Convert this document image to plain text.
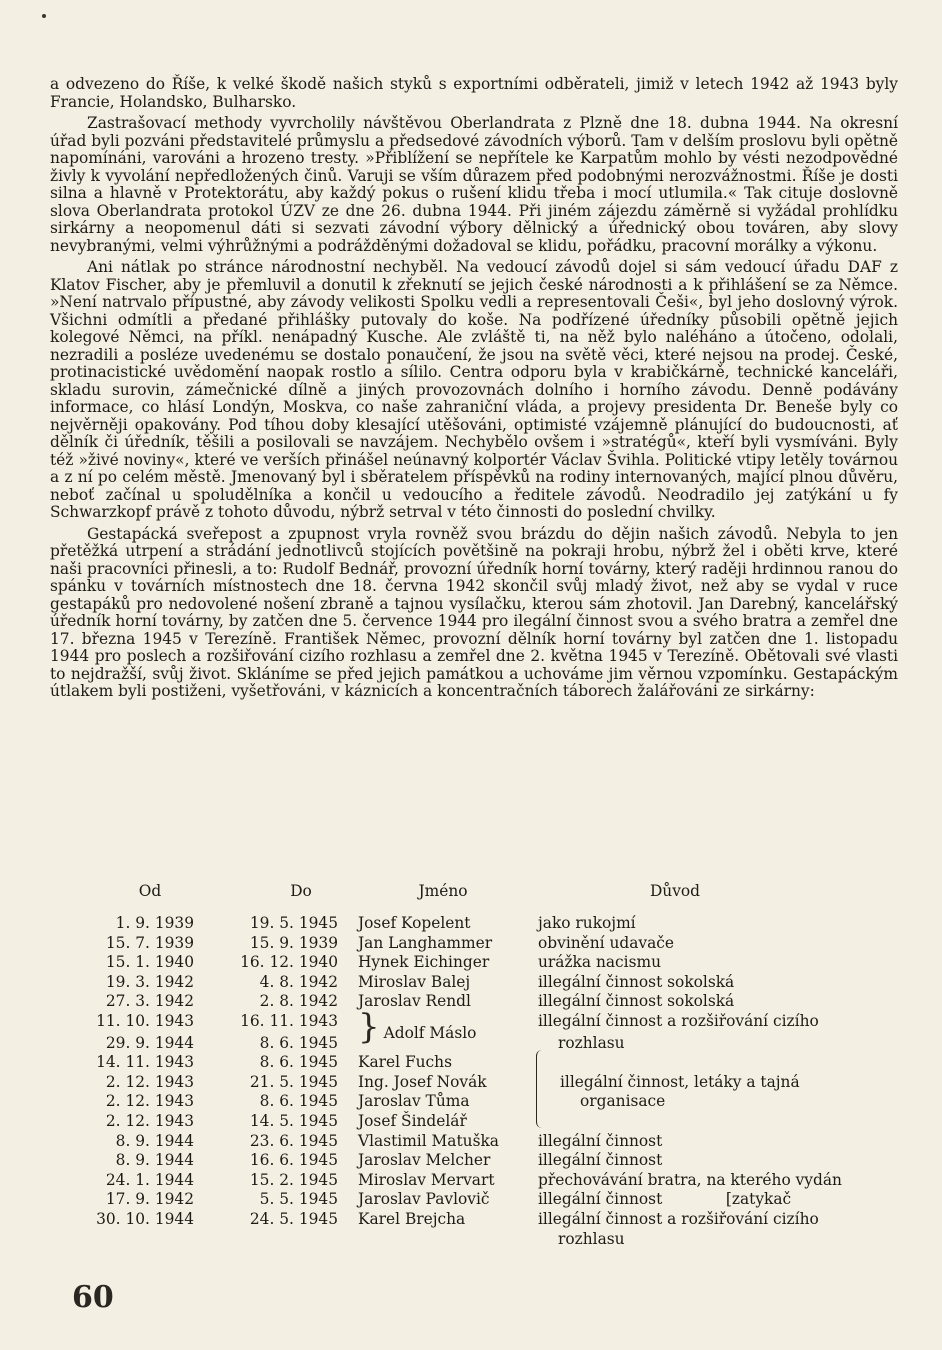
a odvezeno do Říše, k velké škodě našich styků s exportními odběrateli, jimiž v letech 1942 až 1943 byly Francie, Holandsko, Bulharsko.

Zastrašovací methody vyvrcholily návštěvou Oberlandrata z Plzně dne 18. dubna 1944. Na okresní úřad byli pozváni představitelé průmyslu a předsedové závodních výborů. Tam v delším proslovu byli opětně napomínáni, varováni a hrozeno tresty. »Přiblížení se nepřítele ke Karpatům mohlo by vésti nezodpovědné živly k vyvolání nepředložených činů. Varuji se vším důrazem před podobnými nerozvážnostmi. Říše je dosti silna a hlavně v Protektorátu, aby každý pokus o rušení klidu třeba i mocí utlumila.« Tak cituje doslovně slova Oberlandrata protokol ÚZV ze dne 26. dubna 1944. Při jiném zájezdu záměrně si vyžádal prohlídku sirkárny a neopomenul dáti si sezvati závodní výbory dělnický a úřednický obou továren, aby slovy nevybranými, velmi výhrůžnými a podrážděnými dožadoval se klidu, pořádku, pracovní morálky a výkonu.

Ani nátlak po stránce národnostní nechyběl. Na vedoucí závodů dojel si sám vedoucí úřadu DAF z Klatov Fischer, aby je přemluvil a donutil k zřeknutí se jejich české národnosti a k přihlášení se za Němce. »Není natrvalo přípustné, aby závody velikosti Spolku vedli a representovali Češi«, byl jeho doslovný výrok. Všichni odmítli a předané přihlášky putovaly do koše. Na podřízené úředníky působili opětně jejich kolegové Němci, na příkl. nenápadný Kusche. Ale zvláště ti, na něž bylo naléháno a útočeno, odolali, nezradili a posléze uvedenému se dostalo ponaučení, že jsou na světě věci, které nejsou na prodej. České, protinacistické uvědomění naopak rostlo a sílilo. Centra odporu byla v krabičkárně, technické kanceláři, skladu surovin, zámečnické dílně a jiných provozovnách dolního i horního závodu. Denně podávány informace, co hlásí Londýn, Moskva, co naše zahraniční vláda, a projevy presidenta Dr. Beneše byly co nejvěrněji opakovány. Pod tíhou doby klesající utěšováni, optimisté vzájemně plánující do budoucnosti, ať dělník či úředník, těšili a posilovali se navzájem. Nechybělo ovšem i »stratégů«, kteří byli vysmíváni. Byly též »živé noviny«, které ve verších přinášel neúnavný kolportér Václav Švihla. Politické vtipy letěly továrnou a z ní po celém městě. Jmenovaný byl i sběratelem příspěvků na rodiny internovaných, mající plnou důvěru, neboť začínal u spoludělníka a končil u vedoucího a ředitele závodů. Neodradilo jej zatýkání u fy Schwarzkopf právě z tohoto důvodu, nýbrž setrval v této činnosti do poslední chvilky.

Gestapácká sveřepost a zpupnost vryla rovněž svou brázdu do dějin našich závodů. Nebyla to jen přetěžká utrpení a strádání jednotlivců stojících povětšině na pokraji hrobu, nýbrž žel i oběti krve, které naši pracovníci přinesli, a to: Rudolf Bednář, provozní úředník horní továrny, který raději hrdinnou ranou do spánku v továrních místnostech dne 18. června 1942 skončil svůj mladý život, než aby se vydal v ruce gestapáků pro nedovolené nošení zbraně a tajnou vysílačku, kterou sám zhotovil. Jan Darebný, kancelářský úředník horní továrny, by zatčen dne 5. července 1944 pro ilegální činnost svou a svého bratra a zemřel dne 17. března 1945 v Terezíně. František Němec, provozní dělník horní továrny byl zatčen dne 1. listopadu 1944 pro poslech a rozšiřování cizího rozhlasu a zemřel dne 2. května 1945 v Terezíně. Obětovali své vlasti to nejdražší, svůj život. Skláníme se před jejich památkou a uchováme jim věrnou vzpomínku. Gestapáckým útlakem byli postiženi, vyšetřováni, v káznicích a koncentračních táborech žalářováni ze sirkárny:

Od	Do	Jméno	Důvod
1. 9. 1939	19. 5. 1945	Josef Kopelent	jako rukojmí
15. 7. 1939	15. 9. 1939	Jan Langhammer	obvinění udavače
15. 1. 1940	16. 12. 1940	Hynek Eichinger	urážka nacismu
19. 3. 1942	4. 8. 1942	Miroslav Balej	illegální činnost sokolská
27. 3. 1942	2. 8. 1942	Jaroslav Rendl	illegální činnost sokolská
11. 10. 1943	16. 11. 1943	} Adolf Máslo	illegální činnost a rozšiřování cizího
29. 9. 1944	8. 6. 1945		rozhlasu

14. 11. 1943	8. 6. 1945	Karel Fuchs	
2. 12. 1943	21. 5. 1945	Ing. Josef Novák	illegální činnost, letáky a tajná
2. 12. 1943	8. 6. 1945	Jaroslav Tůma	organisace
2. 12. 1943	14. 5. 1945	Josef Šindelář	
8. 9. 1944	23. 6. 1945	Vlastimil Matuška	illegální činnost
8. 9. 1944	16. 6. 1945	Jaroslav Melcher	illegální činnost
24. 1. 1944	15. 2. 1945	Miroslav Mervart	přechovávání bratra, na kterého vydán
17. 9. 1942	5. 5. 1945	Jaroslav Pavlovič	illegální činnost             [zatykač
30. 10. 1944	24. 5. 1945	Karel Brejcha	illegální činnost a rozšiřování cizího

			rozhlasu
60
